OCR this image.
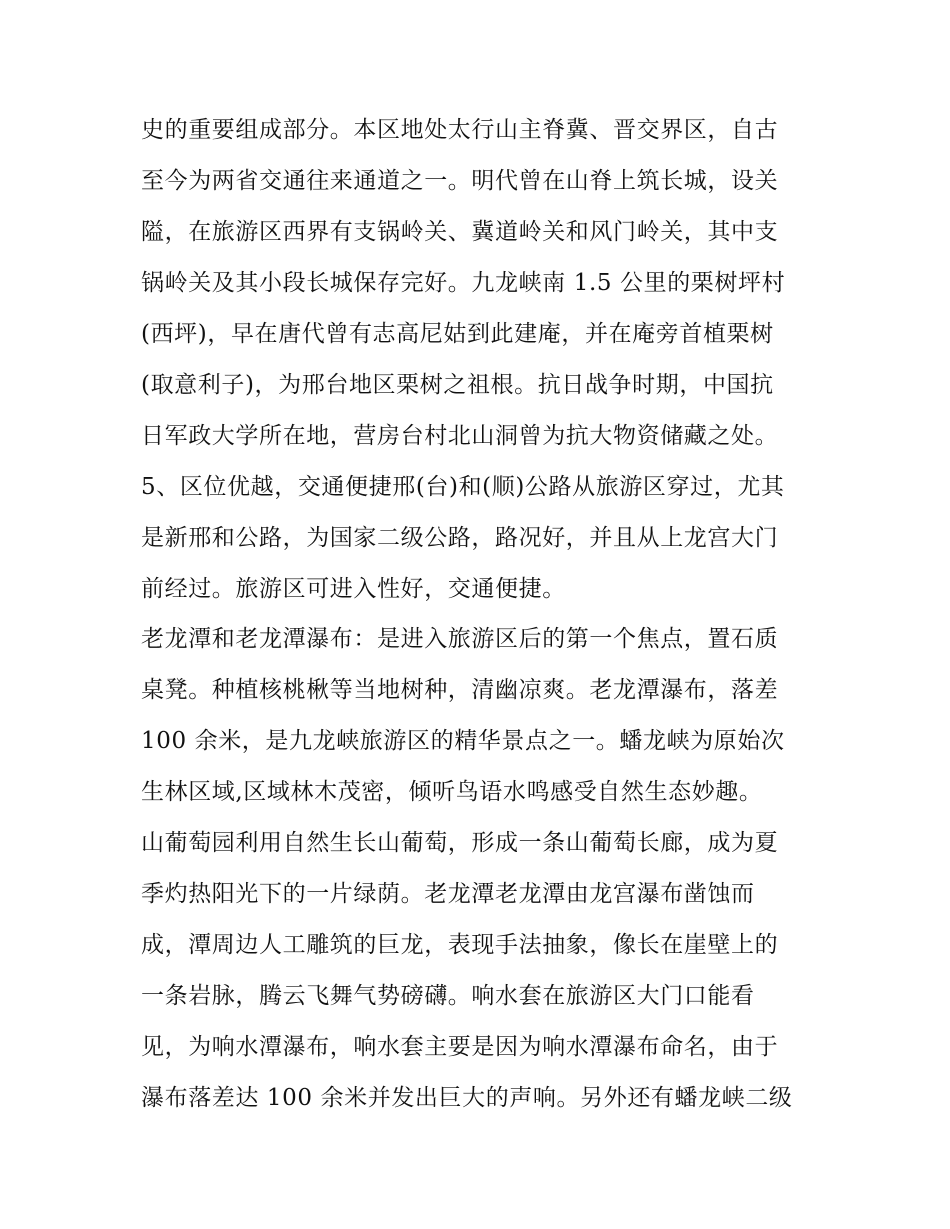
史的重要组成部分。本区地处太行山主脊冀、晋交界区，自古
至今为两省交通往来通道之一。明代曾在山脊上筑长城，设关
隘，在旅游区西界有支锅岭关、冀道岭关和风门岭关，其中支
锅岭关及其小段长城保存完好。九龙峡南 1.5 公里的栗树坪村
(西坪)，早在唐代曾有志高尼姑到此建庵，并在庵旁首植栗树
(取意利子)，为邢台地区栗树之祖根。抗日战争时期，中国抗
日军政大学所在地，营房台村北山洞曾为抗大物资储藏之处。
5、区位优越，交通便捷邢(台)和(顺)公路从旅游区穿过，尤其
是新邢和公路，为国家二级公路，路况好，并且从上龙宫大门
前经过。旅游区可进入性好，交通便捷。
老龙潭和老龙潭瀑布：是进入旅游区后的第一个焦点，置石质
桌凳。种植核桃楸等当地树种，清幽凉爽。老龙潭瀑布，落差
100 余米，是九龙峡旅游区的精华景点之一。蟠龙峡为原始次
生林区域,区域林木茂密，倾听鸟语水鸣感受自然生态妙趣。
山葡萄园利用自然生长山葡萄，形成一条山葡萄长廊，成为夏
季灼热阳光下的一片绿荫。老龙潭老龙潭由龙宫瀑布凿蚀而
成，潭周边人工雕筑的巨龙，表现手法抽象，像长在崖壁上的
一条岩脉，腾云飞舞气势磅礴。响水套在旅游区大门口能看
见，为响水潭瀑布，响水套主要是因为响水潭瀑布命名，由于
瀑布落差达 100 余米并发出巨大的声响。另外还有蟠龙峡二级
